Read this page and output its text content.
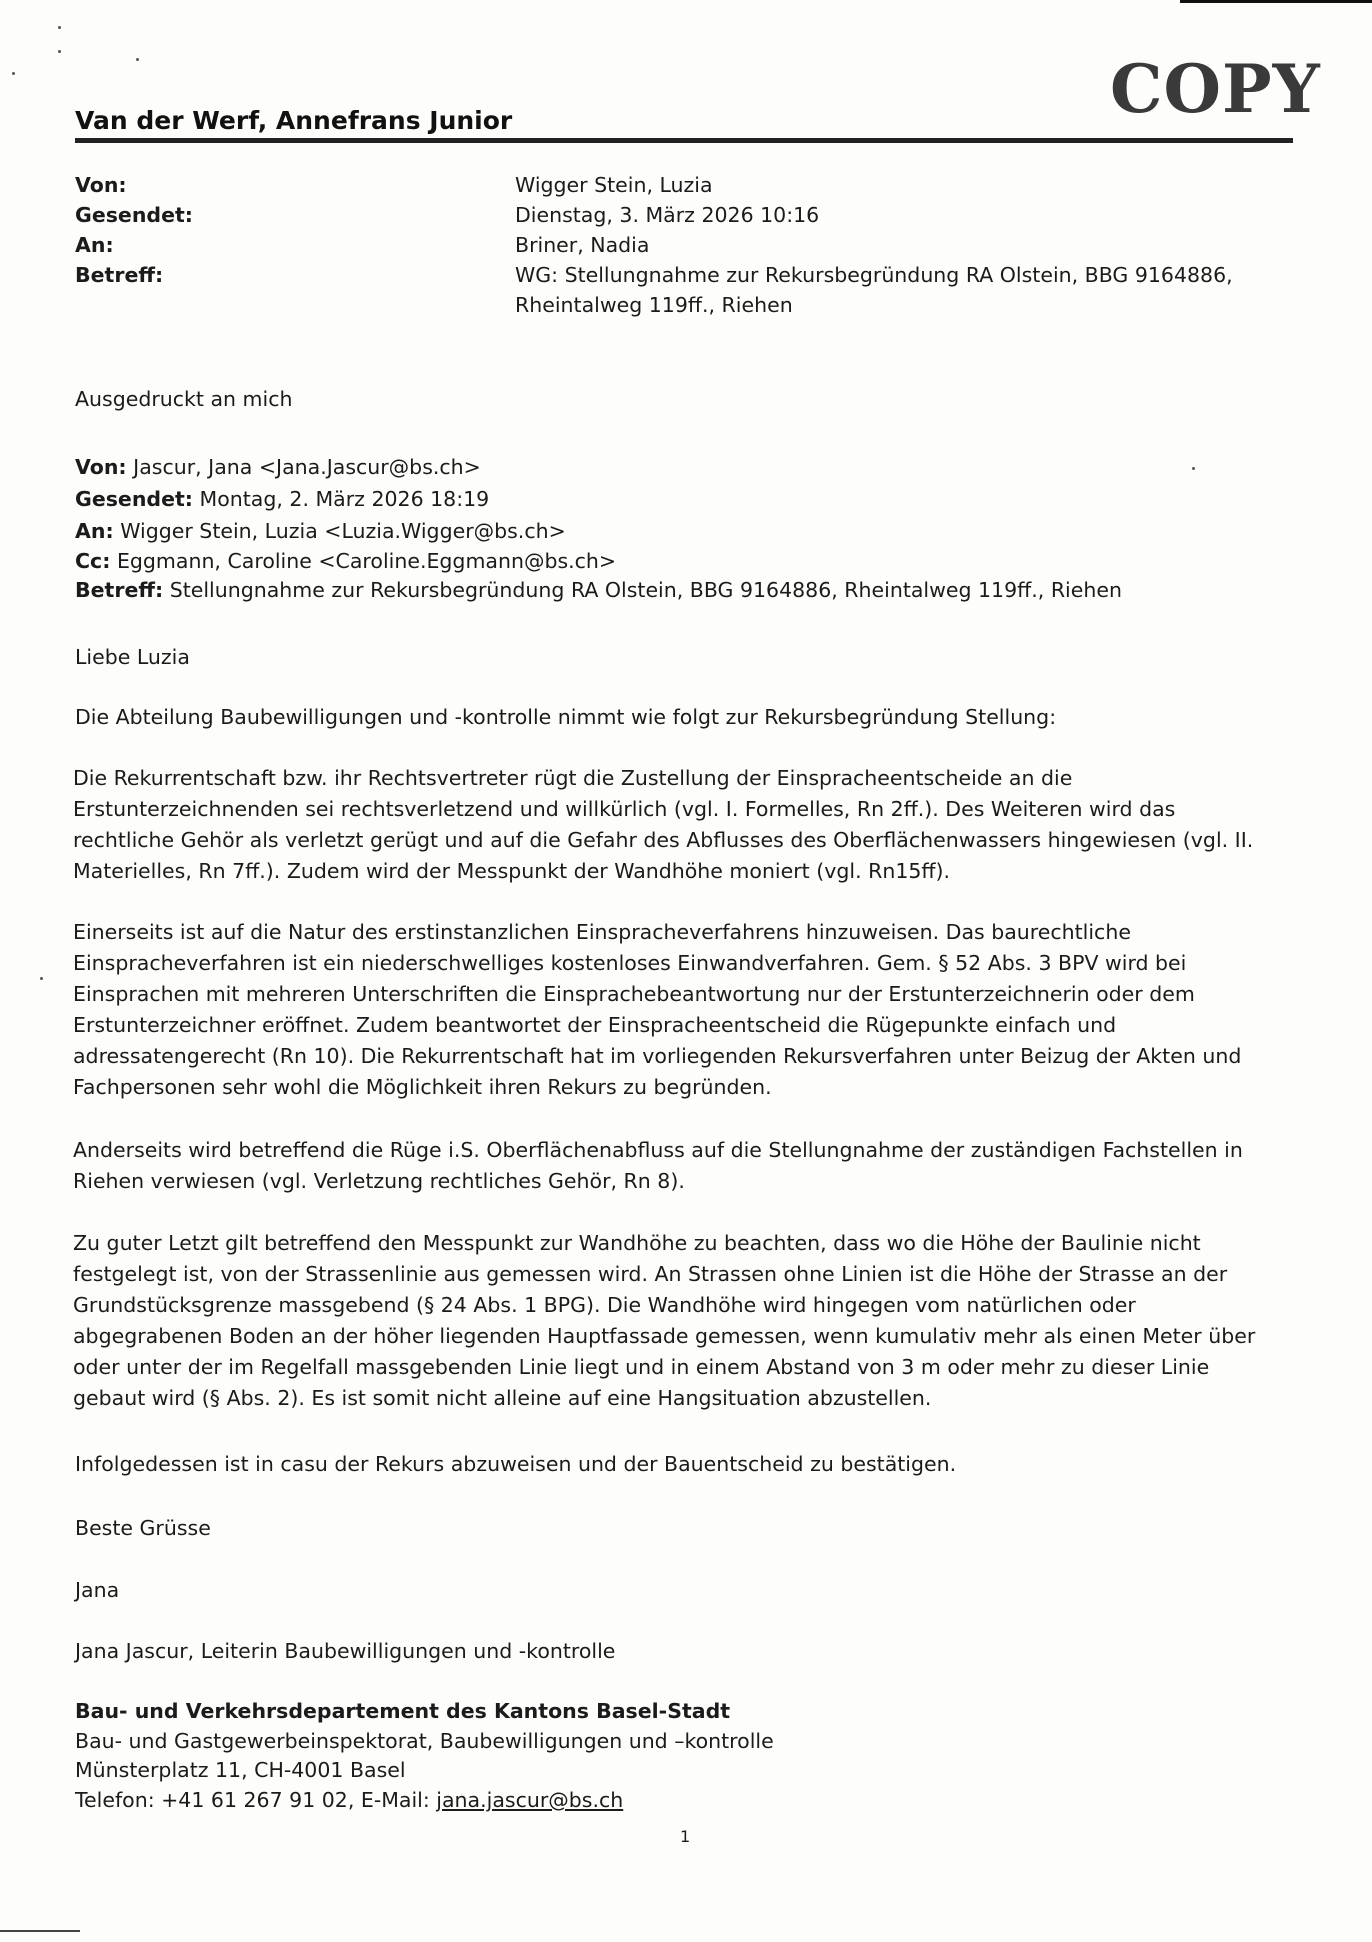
COPY
Van der Werf, Annefrans Junior
Von:	Wigger Stein, Luzia
Gesendet:	Dienstag, 3. März 2026 10:16
An:	Briner, Nadia
Betreff:	WG: Stellungnahme zur Rekursbegründung RA Olstein, BBG 9164886,
Rheintalweg 119ff., Riehen
Ausgedruckt an mich
Von: Jascur, Jana <Jana.Jascur@bs.ch>
Gesendet: Montag, 2. März 2026 18:19
An: Wigger Stein, Luzia <Luzia.Wigger@bs.ch>
Cc: Eggmann, Caroline <Caroline.Eggmann@bs.ch>
Betreff: Stellungnahme zur Rekursbegründung RA Olstein, BBG 9164886, Rheintalweg 119ff., Riehen
Liebe Luzia
Die Abteilung Baubewilligungen und -kontrolle nimmt wie folgt zur Rekursbegründung Stellung:
Die Rekurrentschaft bzw. ihr Rechtsvertreter rügt die Zustellung der Einspracheentscheide an die Erstunterzeichnenden sei rechtsverletzend und willkürlich (vgl. I. Formelles, Rn 2ff.). Des Weiteren wird das rechtliche Gehör als verletzt gerügt und auf die Gefahr des Abflusses des Oberflächenwassers hingewiesen (vgl. II. Materielles, Rn 7ff.). Zudem wird der Messpunkt der Wandhöhe moniert (vgl. Rn15ff).
Einerseits ist auf die Natur des erstinstanzlichen Einspracheverfahrens hinzuweisen. Das baurechtliche Einspracheverfahren ist ein niederschwelliges kostenloses Einwandverfahren. Gem. § 52 Abs. 3 BPV wird bei Einsprachen mit mehreren Unterschriften die Einsprachebeantwortung nur der Erstunterzeichnerin oder dem Erstunterzeichner eröffnet. Zudem beantwortet der Einspracheentscheid die Rügepunkte einfach und adressatengerecht (Rn 10). Die Rekurrentschaft hat im vorliegenden Rekursverfahren unter Beizug der Akten und Fachpersonen sehr wohl die Möglichkeit ihren Rekurs zu begründen.
Anderseits wird betreffend die Rüge i.S. Oberflächenabfluss auf die Stellungnahme der zuständigen Fachstellen in Riehen verwiesen (vgl. Verletzung rechtliches Gehör, Rn 8).
Zu guter Letzt gilt betreffend den Messpunkt zur Wandhöhe zu beachten, dass wo die Höhe der Baulinie nicht festgelegt ist, von der Strassenlinie aus gemessen wird. An Strassen ohne Linien ist die Höhe der Strasse an der Grundstücksgrenze massgebend (§ 24 Abs. 1 BPG). Die Wandhöhe wird hingegen vom natürlichen oder abgegrabenen Boden an der höher liegenden Hauptfassade gemessen, wenn kumulativ mehr als einen Meter über oder unter der im Regelfall massgebenden Linie liegt und in einem Abstand von 3 m oder mehr zu dieser Linie gebaut wird (§ Abs. 2). Es ist somit nicht alleine auf eine Hangsituation abzustellen.
Infolgedessen ist in casu der Rekurs abzuweisen und der Bauentscheid zu bestätigen.
Beste Grüsse
Jana
Jana Jascur, Leiterin Baubewilligungen und -kontrolle
Bau- und Verkehrsdepartement des Kantons Basel-Stadt
Bau- und Gastgewerbeinspektorat, Baubewilligungen und –kontrolle
Münsterplatz 11, CH-4001 Basel
Telefon: +41 61 267 91 02, E-Mail: jana.jascur@bs.ch
1
